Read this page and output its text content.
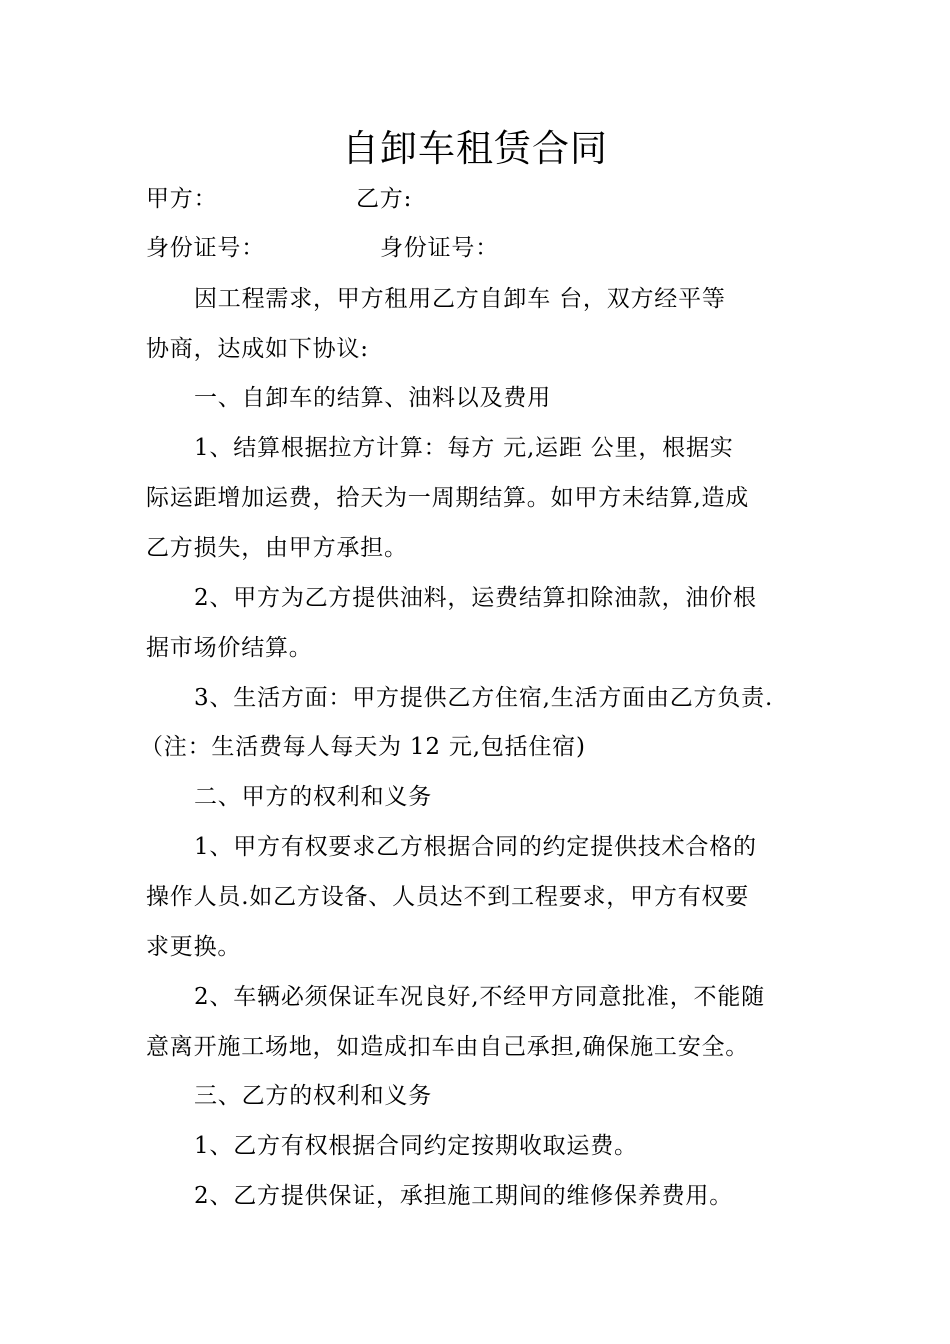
自卸车租赁合同
甲方：	乙方:
身份证号：	身份证号：
因工程需求，甲方租用乙方自卸车 台，双方经平等
协商，达成如下协议:
一、自卸车的结算、油料以及费用
1、结算根据拉方计算：每方 元,运距 公里，根据实
际运距增加运费，拾天为一周期结算。如甲方未结算,造成
乙方损失，由甲方承担。
2、甲方为乙方提供油料，运费结算扣除油款，油价根
据市场价结算。
3、生活方面：甲方提供乙方住宿,生活方面由乙方负责.
（注：生活费每人每天为 12 元,包括住宿)
二、甲方的权利和义务
1、甲方有权要求乙方根据合同的约定提供技术合格的
操作人员.如乙方设备、人员达不到工程要求，甲方有权要
求更换。
2、车辆必须保证车况良好,不经甲方同意批准，不能随
意离开施工场地，如造成扣车由自己承担,确保施工安全。
三、乙方的权利和义务
1、乙方有权根据合同约定按期收取运费。
2、乙方提供保证，承担施工期间的维修保养费用。
